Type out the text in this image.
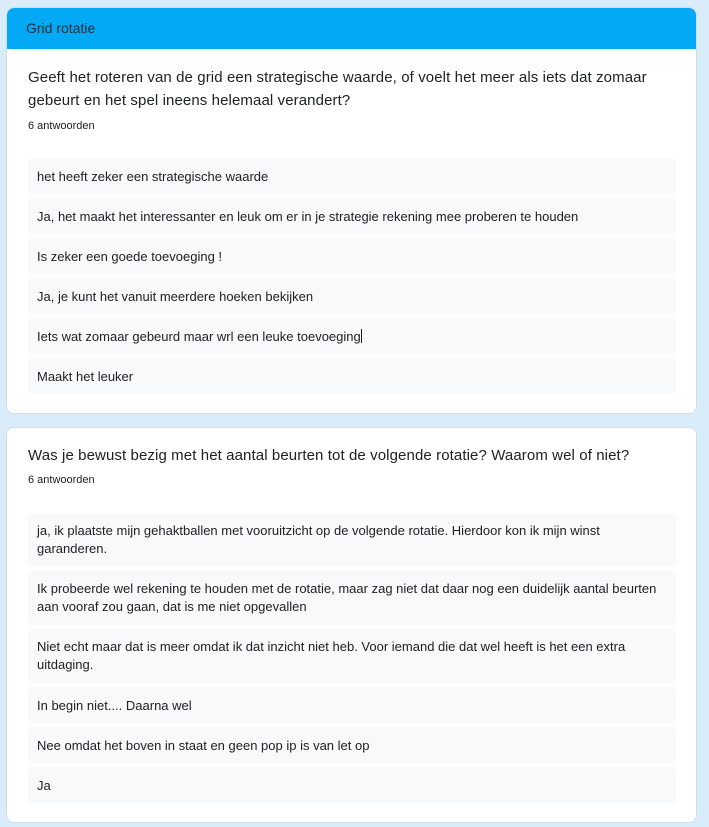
Grid rotatie
Geeft het roteren van de grid een strategische waarde, of voelt het meer als iets dat zomaar gebeurt en het spel ineens helemaal verandert?
6 antwoorden
het heeft zeker een strategische waarde
Ja, het maakt het interessanter en leuk om er in je strategie rekening mee proberen te houden
Is zeker een goede toevoeging !
Ja, je kunt het vanuit meerdere hoeken bekijken
Iets wat zomaar gebeurd maar wrl een leuke toevoeging
Maakt het leuker
Was je bewust bezig met het aantal beurten tot de volgende rotatie? Waarom wel of niet?
6 antwoorden
ja, ik plaatste mijn gehaktballen met vooruitzicht op de volgende rotatie. Hierdoor kon ik mijn winst garanderen.
Ik probeerde wel rekening te houden met de rotatie, maar zag niet dat daar nog een duidelijk aantal beurten aan vooraf zou gaan, dat is me niet opgevallen
Niet echt maar dat is meer omdat ik dat inzicht niet heb. Voor iemand die dat wel heeft is het een extra uitdaging.
In begin niet.... Daarna wel
Nee omdat het boven in staat en geen pop ip is van let op
Ja
